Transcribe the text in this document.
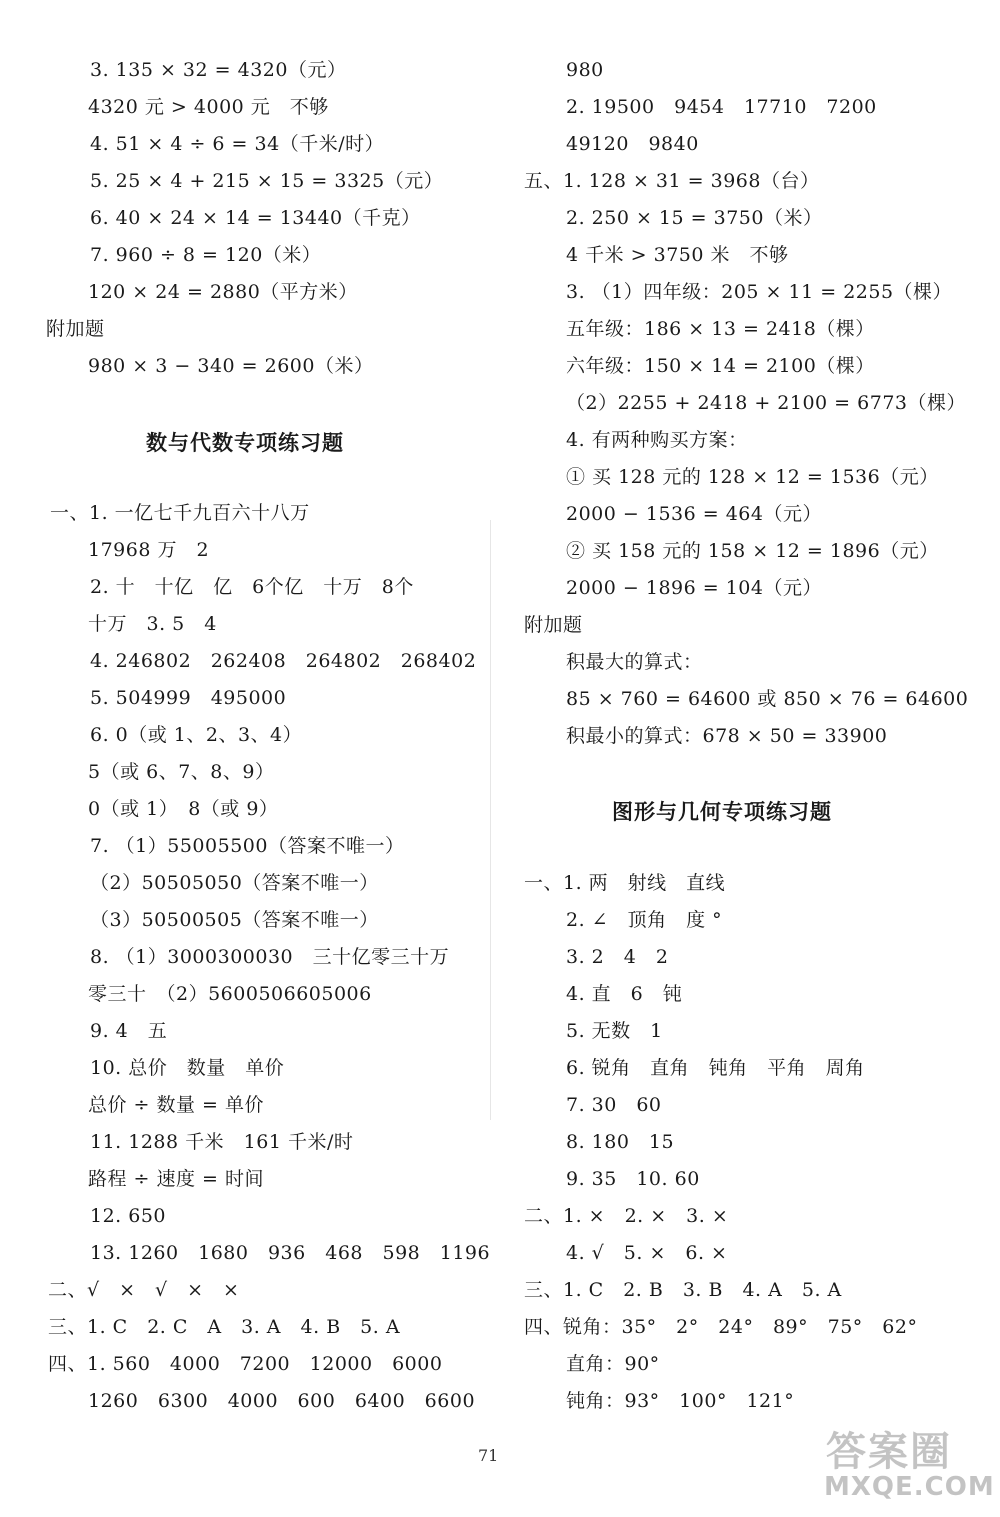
3. 135 × 32 = 4320（元）
4320 元 > 4000 元　不够
4. 51 × 4 ÷ 6 = 34（千米/时）
5. 25 × 4 + 215 × 15 = 3325（元）
6. 40 × 24 × 14 = 13440（千克）
7. 960 ÷ 8 = 120（米）
120 × 24 = 2880（平方米）
附加题
980 × 3 − 340 = 2600（米）
数与代数专项练习题
一、1. 一亿七千九百六十八万
17968 万　2
2. 十　十亿　亿　6个亿　十万　8个
十万　3. 5　4
4. 246802　262408　264802　268402
5. 504999　495000
6. 0（或 1、2、3、4）
5（或 6、7、8、9）
0（或 1）　8（或 9）
7. （1）55005500（答案不唯一）
（2）50505050（答案不唯一）
（3）50500505（答案不唯一）
8. （1）3000300030　三十亿零三十万
零三十　（2）5600506605006
9. 4　五
10. 总价　数量　单价
总价 ÷ 数量 = 单价
11. 1288 千米　161 千米/时
路程 ÷ 速度 = 时间
12. 650
13. 1260　1680　936　468　598　1196
二、√　×　√　×　×
三、1. C　2. C　A　3. A　4. B　5. A
四、1. 560　4000　7200　12000　6000
1260　6300　4000　600　6400　6600
980
2. 19500　9454　17710　7200
49120　9840
五、1. 128 × 31 = 3968（台）
2. 250 × 15 = 3750（米）
4 千米 > 3750 米　不够
3. （1）四年级：205 × 11 = 2255（棵）
五年级：186 × 13 = 2418（棵）
六年级：150 × 14 = 2100（棵）
（2）2255 + 2418 + 2100 = 6773（棵）
4. 有两种购买方案：
① 买 128 元的 128 × 12 = 1536（元）
2000 − 1536 = 464（元）
② 买 158 元的 158 × 12 = 1896（元）
2000 − 1896 = 104（元）
附加题
积最大的算式：
85 × 760 = 64600 或 850 × 76 = 64600
积最小的算式：678 × 50 = 33900
图形与几何专项练习题
一、1. 两　射线　直线
2. ∠　顶角　度 °
3. 2　4　2
4. 直　6　钝
5. 无数　1
6. 锐角　直角　钝角　平角　周角
7. 30　60
8. 180　15
9. 35　10. 60
二、1. ×　2. ×　3. ×
4. √　5. ×　6. ×
三、1. C　2. B　3. B　4. A　5. A
四、锐角：35°　2°　24°　89°　75°　62°
直角：90°
钝角：93°　100°　121°
71	答案圈
MXQE.COM
